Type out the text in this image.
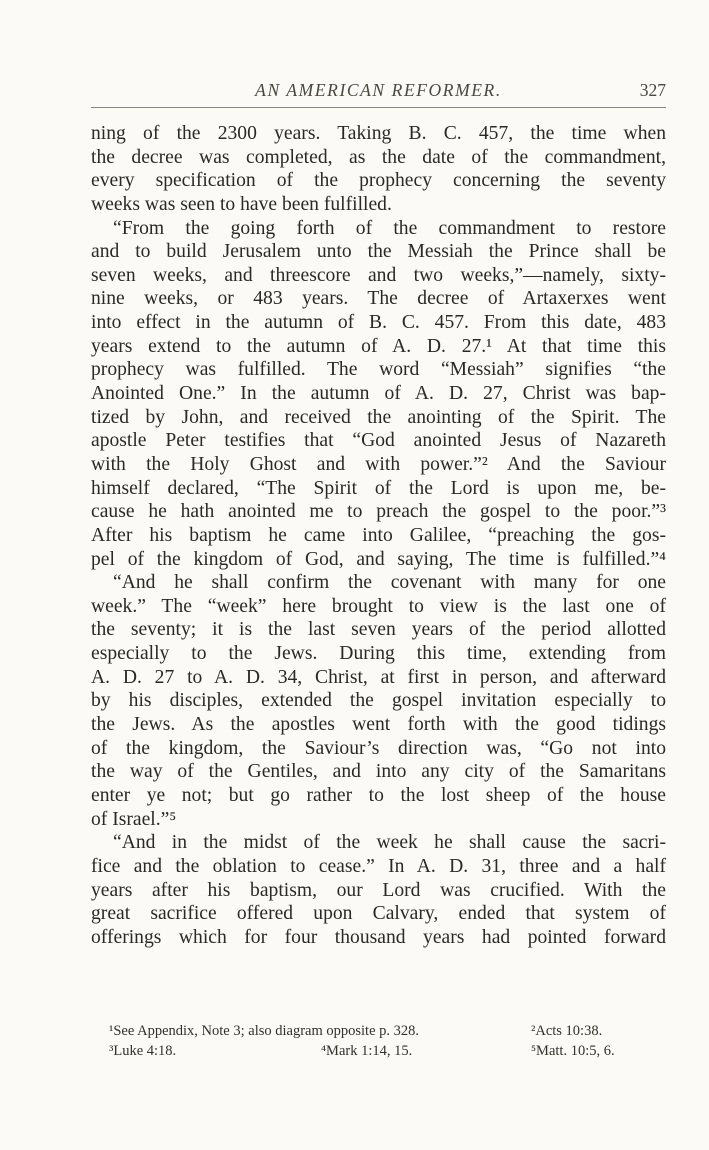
AN AMERICAN REFORMER.	327
ning of the 2300 years. Taking B. C. 457, the time when
the decree was completed, as the date of the commandment,
every specification of the prophecy concerning the seventy
weeks was seen to have been fulfilled.
“From the going forth of the commandment to restore
and to build Jerusalem unto the Messiah the Prince shall be
seven weeks, and threescore and two weeks,”—namely, sixty-
nine weeks, or 483 years. The decree of Artaxerxes went
into effect in the autumn of B. C. 457. From this date, 483
years extend to the autumn of A. D. 27.¹ At that time this
prophecy was fulfilled. The word “Messiah” signifies “the
Anointed One.” In the autumn of A. D. 27, Christ was bap-
tized by John, and received the anointing of the Spirit. The
apostle Peter testifies that “God anointed Jesus of Nazareth
with the Holy Ghost and with power.”² And the Saviour
himself declared, “The Spirit of the Lord is upon me, be-
cause he hath anointed me to preach the gospel to the poor.”³
After his baptism he came into Galilee, “preaching the gos-
pel of the kingdom of God, and saying, The time is fulfilled.”⁴
“And he shall confirm the covenant with many for one
week.” The “week” here brought to view is the last one of
the seventy; it is the last seven years of the period allotted
especially to the Jews. During this time, extending from
A. D. 27 to A. D. 34, Christ, at first in person, and afterward
by his disciples, extended the gospel invitation especially to
the Jews. As the apostles went forth with the good tidings
of the kingdom, the Saviour’s direction was, “Go not into
the way of the Gentiles, and into any city of the Samaritans
enter ye not; but go rather to the lost sheep of the house
of Israel.”⁵
“And in the midst of the week he shall cause the sacri-
fice and the oblation to cease.” In A. D. 31, three and a half
years after his baptism, our Lord was crucified. With the
great sacrifice offered upon Calvary, ended that system of
offerings which for four thousand years had pointed forward
¹See Appendix, Note 3; also diagram opposite p. 328.	²Acts 10:38.
³Luke 4:18.	⁴Mark 1:14, 15.	⁵Matt. 10:5, 6.
